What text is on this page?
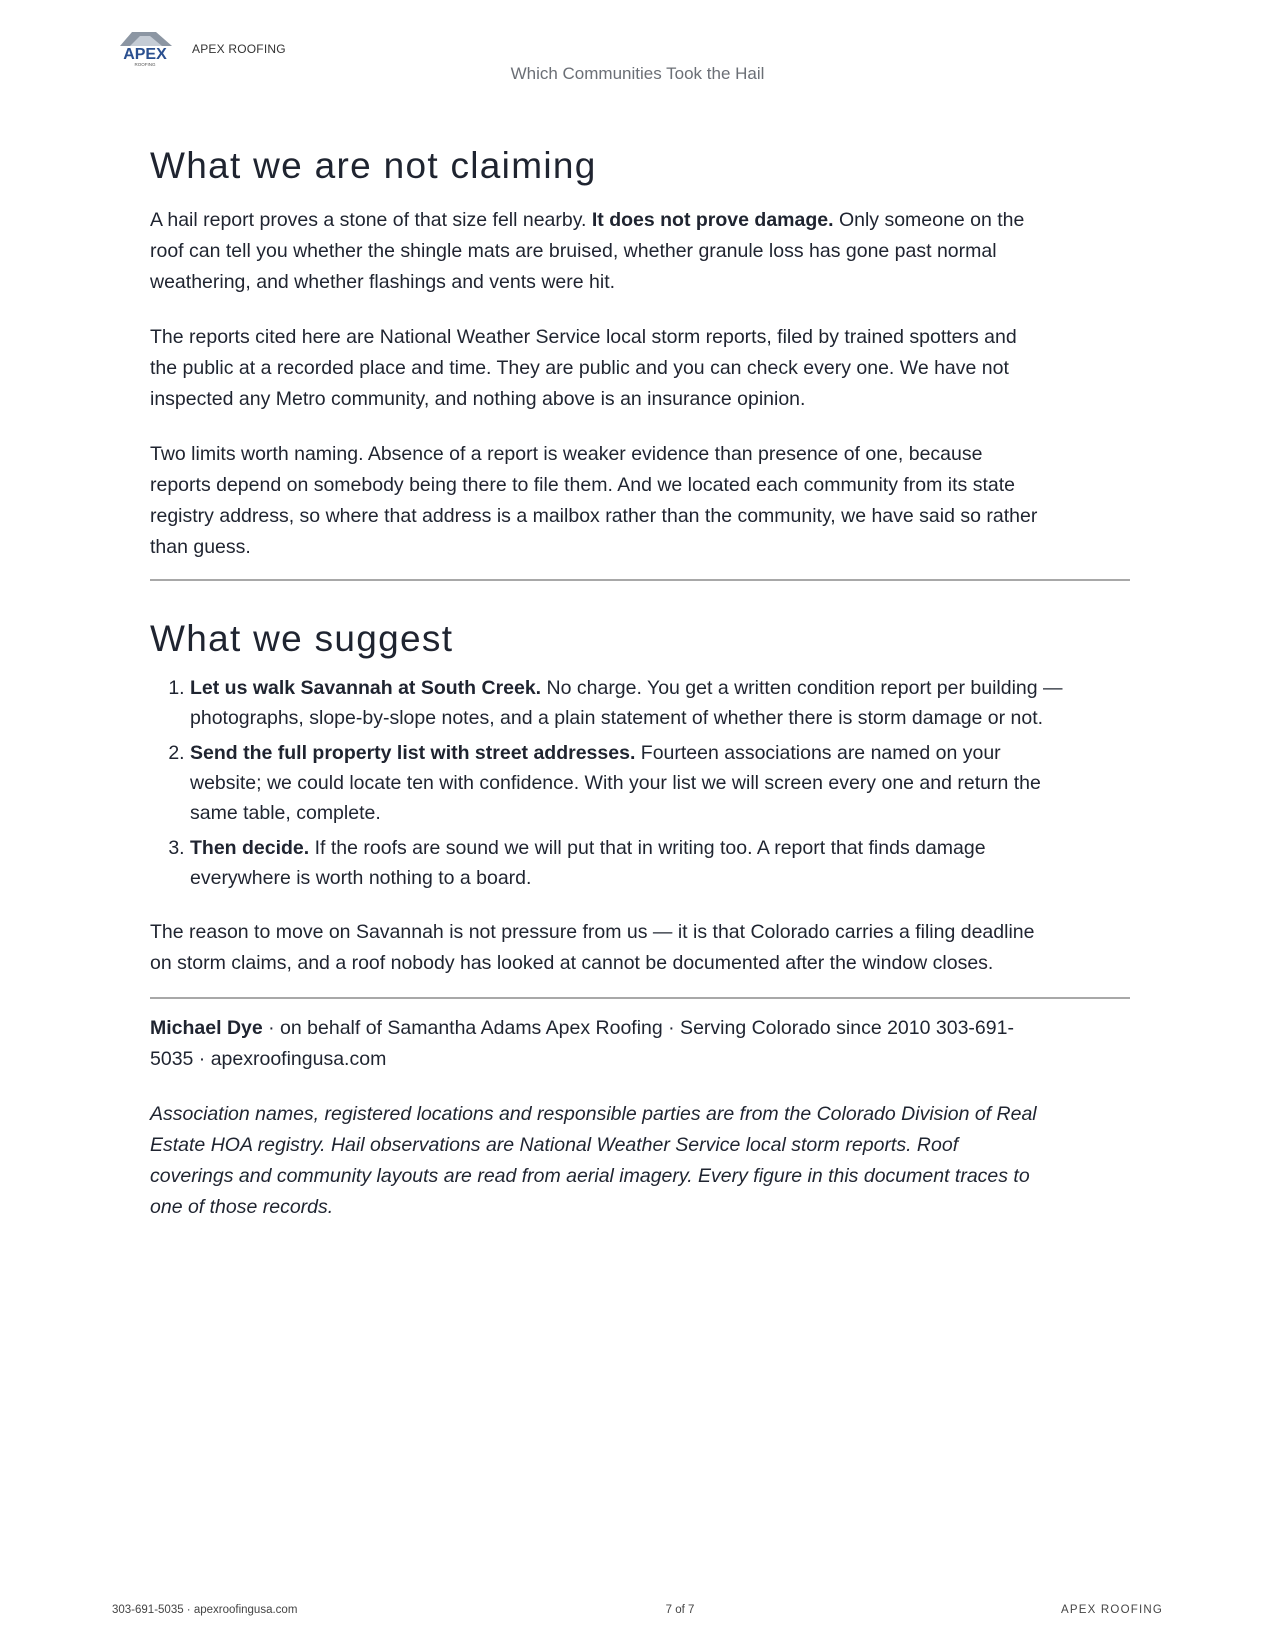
APEX
ROOFING
APEX ROOFING
Which Communities Took the Hail
What we are not claiming

A hail report proves a stone of that size fell nearby. It does not prove damage. Only someone on the roof can tell you whether the shingle mats are bruised, whether granule loss has gone past normal weathering, and whether flashings and vents were hit.

The reports cited here are National Weather Service local storm reports, filed by trained spotters and the public at a recorded place and time. They are public and you can check every one. We have not inspected any Metro community, and nothing above is an insurance opinion.

Two limits worth naming. Absence of a report is weaker evidence than presence of one, because reports depend on somebody being there to file them. And we located each community from its state registry address, so where that address is a mailbox rather than the community, we have said so rather than guess.

What we suggest
1. Let us walk Savannah at South Creek. No charge. You get a written condition report per building — photographs, slope-by-slope notes, and a plain statement of whether there is storm damage or not.
2. Send the full property list with street addresses. Fourteen associations are named on your website; we could locate ten with confidence. With your list we will screen every one and return the same table, complete.
3. Then decide. If the roofs are sound we will put that in writing too. A report that finds damage everywhere is worth nothing to a board.

The reason to move on Savannah is not pressure from us — it is that Colorado carries a filing deadline on storm claims, and a roof nobody has looked at cannot be documented after the window closes.

Michael Dye · on behalf of Samantha Adams Apex Roofing · Serving Colorado since 2010 303-691-5035 · apexroofingusa.com

Association names, registered locations and responsible parties are from the Colorado Division of Real Estate HOA registry. Hail observations are National Weather Service local storm reports. Roof coverings and community layouts are read from aerial imagery. Every figure in this document traces to one of those records.

303-691-5035 · apexroofingusa.com	7 of 7	APEX ROOFING
